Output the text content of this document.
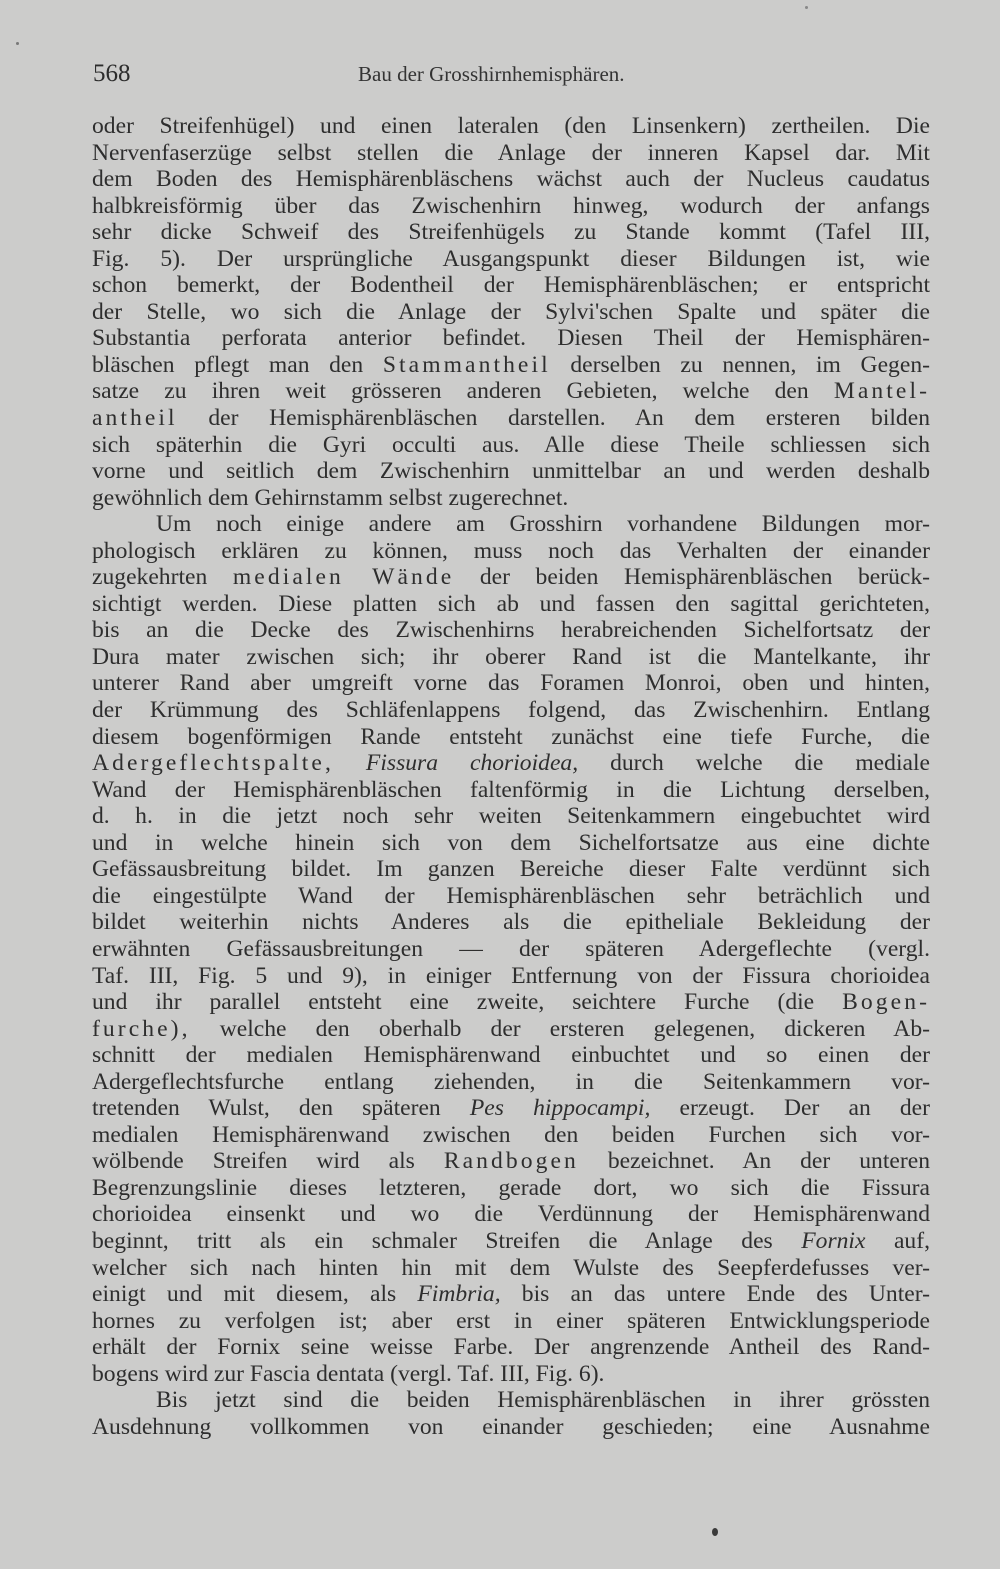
568	Bau der Grosshirnhemisphären.
oder Streifenhügel) und einen lateralen (den Linsenkern) zertheilen. Die
Nervenfaserzüge selbst stellen die Anlage der inneren Kapsel dar. Mit
dem Boden des Hemisphärenbläschens wächst auch der Nucleus caudatus
halbkreisförmig über das Zwischenhirn hinweg, wodurch der anfangs
sehr dicke Schweif des Streifenhügels zu Stande kommt (Tafel III,
Fig. 5). Der ursprüngliche Ausgangspunkt dieser Bildungen ist, wie
schon bemerkt, der Bodentheil der Hemisphärenbläschen; er entspricht
der Stelle, wo sich die Anlage der Sylvi'schen Spalte und später die
Substantia perforata anterior befindet. Diesen Theil der Hemisphären-
bläschen pflegt man den Stammantheil derselben zu nennen, im Gegen-
satze zu ihren weit grösseren anderen Gebieten, welche den Mantel-
antheil der Hemisphärenbläschen darstellen. An dem ersteren bilden
sich späterhin die Gyri occulti aus. Alle diese Theile schliessen sich
vorne und seitlich dem Zwischenhirn unmittelbar an und werden deshalb
gewöhnlich dem Gehirnstamm selbst zugerechnet.
Um noch einige andere am Grosshirn vorhandene Bildungen mor-
phologisch erklären zu können, muss noch das Verhalten der einander
zugekehrten medialen Wände der beiden Hemisphärenbläschen berück-
sichtigt werden. Diese platten sich ab und fassen den sagittal gerichteten,
bis an die Decke des Zwischenhirns herabreichenden Sichelfortsatz der
Dura mater zwischen sich; ihr oberer Rand ist die Mantelkante, ihr
unterer Rand aber umgreift vorne das Foramen Monroi, oben und hinten,
der Krümmung des Schläfenlappens folgend, das Zwischenhirn. Entlang
diesem bogenförmigen Rande entsteht zunächst eine tiefe Furche, die
Adergeflechtspalte, Fissura chorioidea, durch welche die mediale
Wand der Hemisphärenbläschen faltenförmig in die Lichtung derselben,
d. h. in die jetzt noch sehr weiten Seitenkammern eingebuchtet wird
und in welche hinein sich von dem Sichelfortsatze aus eine dichte
Gefässausbreitung bildet. Im ganzen Bereiche dieser Falte verdünnt sich
die eingestülpte Wand der Hemisphärenbläschen sehr beträchlich und
bildet weiterhin nichts Anderes als die epitheliale Bekleidung der
erwähnten Gefässausbreitungen — der späteren Adergeflechte (vergl.
Taf. III, Fig. 5 und 9), in einiger Entfernung von der Fissura chorioidea
und ihr parallel entsteht eine zweite, seichtere Furche (die Bogen-
furche), welche den oberhalb der ersteren gelegenen, dickeren Ab-
schnitt der medialen Hemisphärenwand einbuchtet und so einen der
Adergeflechtsfurche entlang ziehenden, in die Seitenkammern vor-
tretenden Wulst, den späteren Pes hippocampi, erzeugt. Der an der
medialen Hemisphärenwand zwischen den beiden Furchen sich vor-
wölbende Streifen wird als Randbogen bezeichnet. An der unteren
Begrenzungslinie dieses letzteren, gerade dort, wo sich die Fissura
chorioidea einsenkt und wo die Verdünnung der Hemisphärenwand
beginnt, tritt als ein schmaler Streifen die Anlage des Fornix auf,
welcher sich nach hinten hin mit dem Wulste des Seepferdefusses ver-
einigt und mit diesem, als Fimbria, bis an das untere Ende des Unter-
hornes zu verfolgen ist; aber erst in einer späteren Entwicklungsperiode
erhält der Fornix seine weisse Farbe. Der angrenzende Antheil des Rand-
bogens wird zur Fascia dentata (vergl. Taf. III, Fig. 6).
Bis jetzt sind die beiden Hemisphärenbläschen in ihrer grössten
Ausdehnung vollkommen von einander geschieden; eine Ausnahme
